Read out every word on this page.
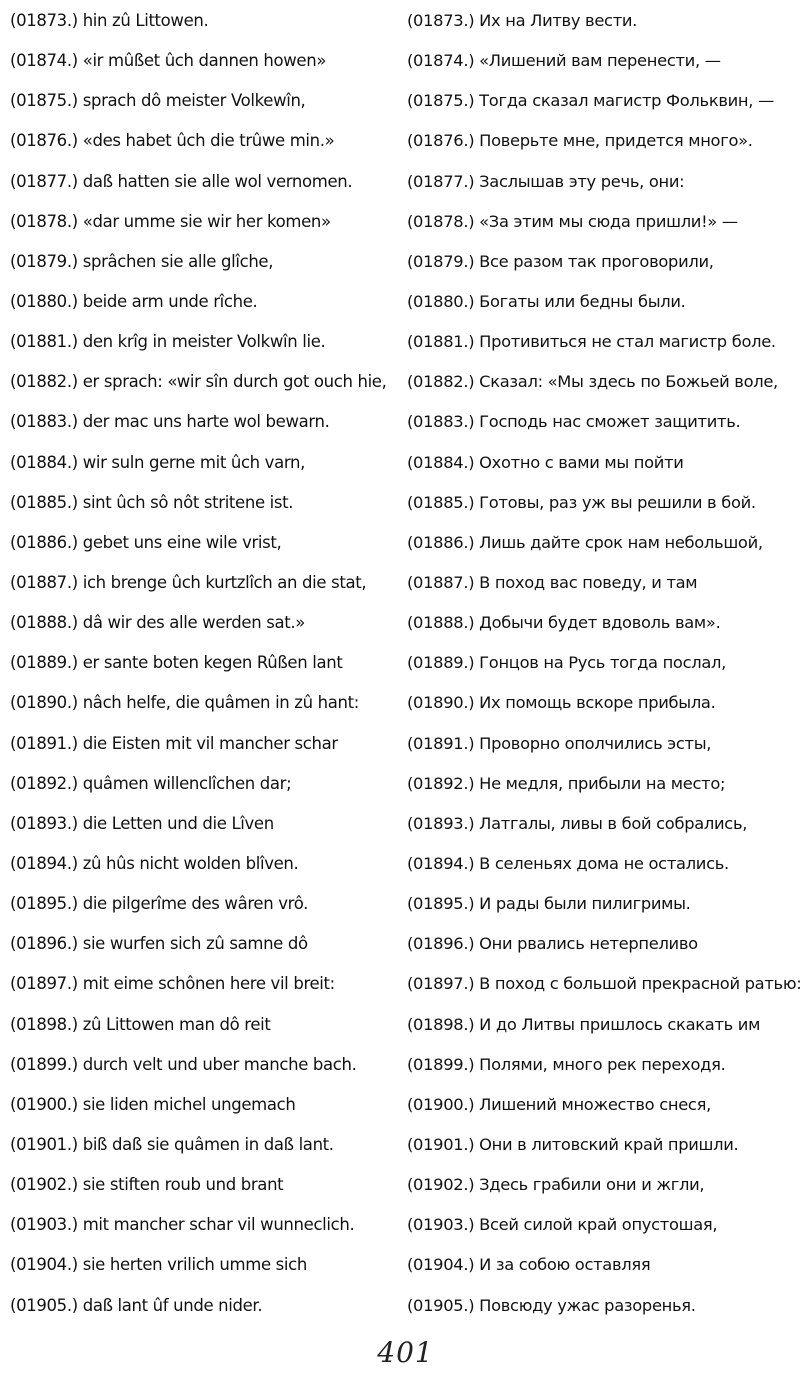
(01873.) hin zû Littowen.
(01874.) «ir mûßet ûch dannen howen»
(01875.) sprach dô meister Volkewîn,
(01876.) «des habet ûch die trûwe min.»
(01877.) daß hatten sie alle wol vernomen.
(01878.) «dar umme sie wir her komen»
(01879.) sprâchen sie alle glîche,
(01880.) beide arm unde rîche.
(01881.) den krîg in meister Volkwîn lie.
(01882.) er sprach: «wir sîn durch got ouch hie,
(01883.) der mac uns harte wol bewarn.
(01884.) wir suln gerne mit ûch varn,
(01885.) sint ûch sô nôt stritene ist.
(01886.) gebet uns eine wile vrist,
(01887.) ich brenge ûch kurtzlîch an die stat,
(01888.) dâ wir des alle werden sat.»
(01889.) er sante boten kegen Rûßen lant
(01890.) nâch helfe, die quâmen in zû hant:
(01891.) die Eisten mit vil mancher schar
(01892.) quâmen willenclîchen dar;
(01893.) die Letten und die Lîven
(01894.) zû hûs nicht wolden blîven.
(01895.) die pilgerîme des wâren vrô.
(01896.) sie wurfen sich zû samne dô
(01897.) mit eime schônen here vil breit:
(01898.) zû Littowen man dô reit
(01899.) durch velt und uber manche bach.
(01900.) sie liden michel ungemach
(01901.) biß daß sie quâmen in daß lant.
(01902.) sie stiften roub und brant
(01903.) mit mancher schar vil wunneclich.
(01904.) sie herten vrilich umme sich
(01905.) daß lant ûf unde nider.
(01873.) Их на Литву вести.
(01874.) «Лишений вам перенести, —
(01875.) Тогда сказал магистр Фольквин, —
(01876.) Поверьте мне, придется много».
(01877.) Заслышав эту речь, они:
(01878.) «За этим мы сюда пришли!» —
(01879.) Все разом так проговорили,
(01880.) Богаты или бедны были.
(01881.) Противиться не стал магистр боле.
(01882.) Сказал: «Мы здесь по Божьей воле,
(01883.) Господь нас сможет защитить.
(01884.) Охотно с вами мы пойти
(01885.) Готовы, раз уж вы решили в бой.
(01886.) Лишь дайте срок нам небольшой,
(01887.) В поход вас поведу, и там
(01888.) Добычи будет вдоволь вам».
(01889.) Гонцов на Русь тогда послал,
(01890.) Их помощь вскоре прибыла.
(01891.) Проворно ополчились эсты,
(01892.) Не медля, прибыли на место;
(01893.) Латгалы, ливы в бой собрались,
(01894.) В селеньях дома не остались.
(01895.) И рады были пилигримы.
(01896.) Они рвались нетерпеливо
(01897.) В поход с большой прекрасной ратью:
(01898.) И до Литвы пришлось скакать им
(01899.) Полями, много рек переходя.
(01900.) Лишений множество снеся,
(01901.) Они в литовский край пришли.
(01902.) Здесь грабили они и жгли,
(01903.) Всей силой край опустошая,
(01904.) И за собою оставляя
(01905.) Повсюду ужас разоренья.
401
